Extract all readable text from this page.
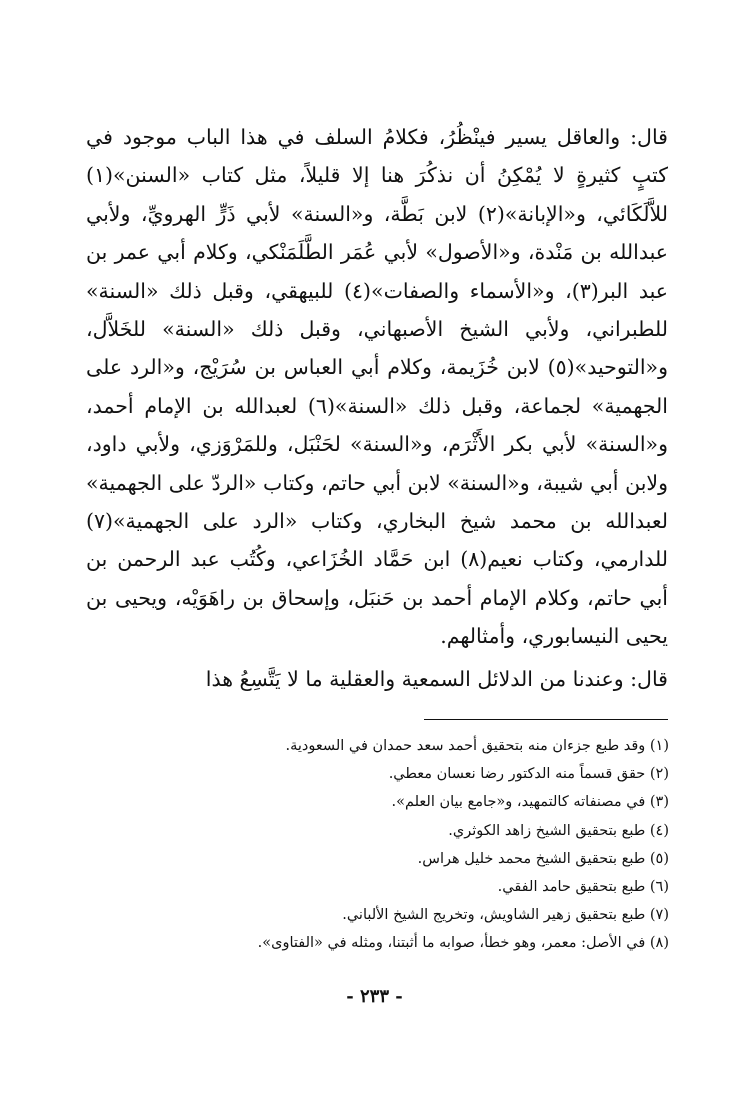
قال: والعاقل يسير فينْظُرُ، فكلامُ السلف في هذا الباب موجود في كتبٍ كثيرةٍ لا يُمْكِنُ أن نذكُرَ هنا إلا قليلاً، مثل كتاب «السنن»(١) للاَّلَكَائي، و«الإبانة»(٢) لابن بَطَّة، و«السنة» لأبي ذَرٍّ الهرويِّ، ولأبي عبدالله بن مَنْدة، و«الأصول» لأبي عُمَر الطَّلَمَنْكي، وكلام أبي عمر بن عبد البر(٣)، و«الأسماء والصفات»(٤) للبيهقي، وقبل ذلك «السنة» للطبراني، ولأبي الشيخ الأصبهاني، وقبل ذلك «السنة» للخَلاَّل، و«التوحيد»(٥) لابن خُزَيمة، وكلام أبي العباس بن سُرَيْج، و«الرد على الجهمية» لجماعة، وقبل ذلك «السنة»(٦) لعبدالله بن الإمام أحمد، و«السنة» لأبي بكر الأَثْرَم، و«السنة» لحَنْبَل، وللمَرْوَزي، ولأبي داود، ولابن أبي شيبة، و«السنة» لابن أبي حاتم، وكتاب «الردّ على الجهمية» لعبدالله بن محمد شيخ البخاري، وكتاب «الرد على الجهمية»(٧) للدارمي، وكتاب نعيم(٨) ابن حَمَّاد الخُزَاعي، وكُتُب عبد الرحمن بن أبي حاتم، وكلام الإمام أحمد بن حَنبَل، وإسحاق بن راهَوَيْه، ويحيى بن يحيى النيسابوري، وأمثالهم.

قال: وعندنا من الدلائل السمعية والعقلية ما لا يَتَّسِعُ هذا

(١) وقد طبع جزءان منه بتحقيق أحمد سعد حمدان في السعودية.
(٢) حقق قسماً منه الدكتور رضا نعسان معطي.
(٣) في مصنفاته كالتمهيد، و«جامع بيان العلم».
(٤) طبع بتحقيق الشيخ زاهد الكوثري.
(٥) طبع بتحقيق الشيخ محمد خليل هراس.
(٦) طبع بتحقيق حامد الفقي.
(٧) طبع بتحقيق زهير الشاويش، وتخريج الشيخ الألباني.
(٨) في الأصل: معمر، وهو خطأ، صوابه ما أثبتنا، ومثله في «الفتاوى».
- ٢٣٣ -
